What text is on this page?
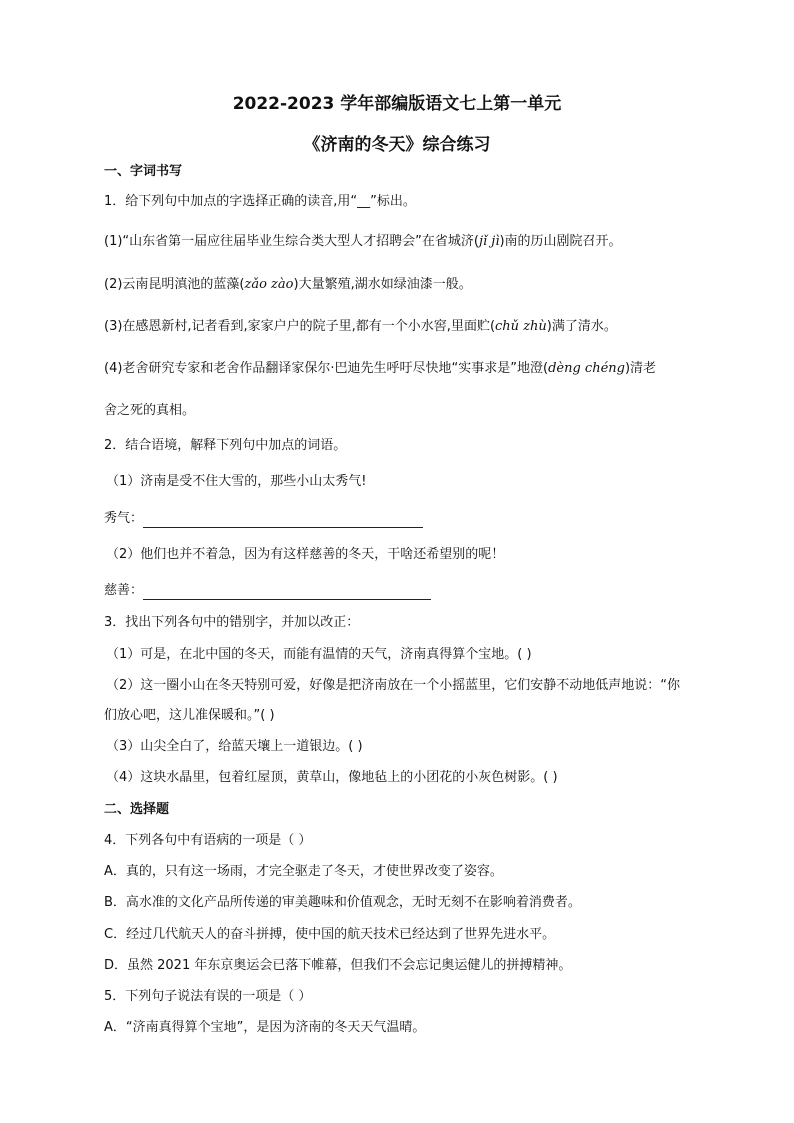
2022-2023 学年部编版语文七上第一单元
《济南的冬天》综合练习
一、字词书写
1．给下列句中加点的字选择正确的读音,用“__”标出。
(1)“山东省第一届应往届毕业生综合类大型人才招聘会”在省城济(jǐ jì)南的历山剧院召开。
(2)云南昆明滇池的蓝藻(zǎo zào)大量繁殖,湖水如绿油漆一般。
(3)在感恩新村,记者看到,家家户户的院子里,都有一个小水窖,里面贮(chǔ zhù)满了清水。
(4)老舍研究专家和老舍作品翻译家保尔·巴迪先生呼吁尽快地“实事求是”地澄(dèng chéng)清老
舍之死的真相。
2．结合语境，解释下列句中加点的词语。
（1）济南是受不住大雪的，那些小山太秀气!
秀气：
（2）他们也并不着急，因为有这样慈善的冬天，干啥还希望别的呢！
慈善：
3．找出下列各句中的错别字，并加以改正：
（1）可是，在北中国的冬天，而能有温情的天气，济南真得算个宝地。( )
（2）这一圈小山在冬天特别可爱，好像是把济南放在一个小摇蓝里，它们安静不动地低声地说：“你
们放心吧，这儿准保暖和。”( )
（3）山尖全白了，给蓝天壤上一道银边。( )
（4）这块水晶里，包着红屋顶，黄草山，像地毡上的小团花的小灰色树影。( )
二、选择题
4．下列各句中有语病的一项是（ ）
A．真的，只有这一场雨，才完全驱走了冬天，才使世界改变了姿容。
B．高水准的文化产品所传递的审美趣味和价值观念，无时无刻不在影响着消费者。
C．经过几代航天人的奋斗拼搏，使中国的航天技术已经达到了世界先进水平。
D．虽然 2021 年东京奥运会已落下帷幕，但我们不会忘记奥运健儿的拼搏精神。
5．下列句子说法有误的一项是（ ）
A．“济南真得算个宝地”，是因为济南的冬天天气温晴。
